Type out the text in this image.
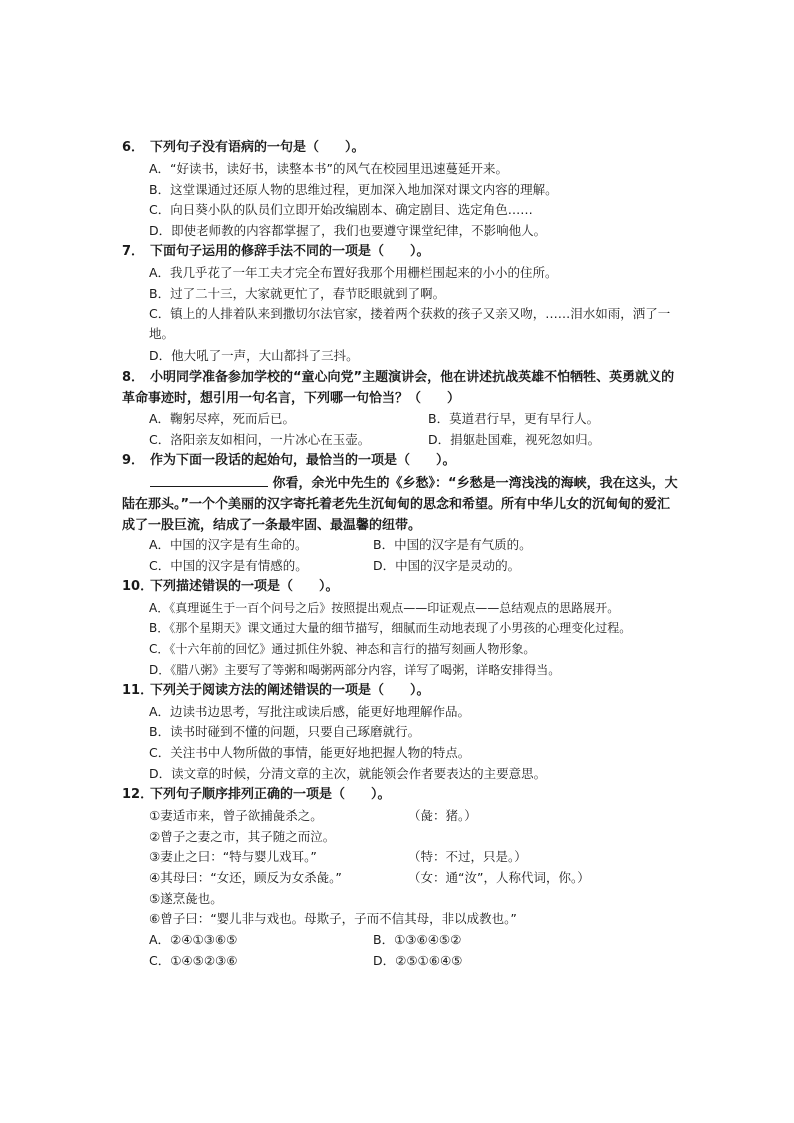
6． 下列句子没有语病的一句是（　　）。
A．“好读书，读好书，读整本书”的风气在校园里迅速蔓延开来。
B．这堂课通过还原人物的思维过程，更加深入地加深对课文内容的理解。
C．向日葵小队的队员们立即开始改编剧本、确定剧目、选定角色……
D．即使老师教的内容都掌握了，我们也要遵守课堂纪律，不影响他人。
7． 下面句子运用的修辞手法不同的一项是（　　）。
A．我几乎花了一年工夫才完全布置好我那个用栅栏围起来的小小的住所。
B．过了二十三，大家就更忙了，春节眨眼就到了啊。
C．镇上的人排着队来到撒切尔法官家，搂着两个获救的孩子又亲又吻，……泪水如雨，洒了一地。
D．他大吼了一声，大山都抖了三抖。
8． 小明同学准备参加学校的“童心向党”主题演讲会，他在讲述抗战英雄不怕牺牲、英勇就义的革命事迹时，想引用一句名言，下列哪一句恰当？（　　）
A．鞠躬尽瘁，死而后已。	B．莫道君行早，更有早行人。
C．洛阳亲友如相问，一片冰心在玉壶。	D．捐躯赴国难，视死忽如归。
9． 作为下面一段话的起始句，最恰当的一项是（　　）。
你看，余光中先生的《乡愁》：“乡愁是一湾浅浅的海峡，我在这头，大陆在那头。”一个个美丽的汉字寄托着老先生沉甸甸的思念和希望。所有中华儿女的沉甸甸的爱汇成了一股巨流，结成了一条最牢固、最温馨的纽带。
A．中国的汉字是有生命的。	B．中国的汉字是有气质的。
C．中国的汉字是有情感的。	D．中国的汉字是灵动的。
10．下列描述错误的一项是（　　）。
A．《真理诞生于一百个问号之后》按照提出观点——印证观点——总结观点的思路展开。
B．《那个星期天》课文通过大量的细节描写，细腻而生动地表现了小男孩的心理变化过程。
C．《十六年前的回忆》通过抓住外貌、神态和言行的描写刻画人物形象。
D．《腊八粥》主要写了等粥和喝粥两部分内容，详写了喝粥，详略安排得当。
11．下列关于阅读方法的阐述错误的一项是（　　）。
A．边读书边思考，写批注或读后感，能更好地理解作品。
B．读书时碰到不懂的问题，只要自己琢磨就行。
C．关注书中人物所做的事情，能更好地把握人物的特点。
D．读文章的时候，分清文章的主次，就能领会作者要表达的主要意思。
12．下列句子顺序排列正确的一项是（　　）。
①妻适市来，曾子欲捕彘杀之。	（彘：猪。）
②曾子之妻之市，其子随之而泣。
③妻止之曰：“特与婴儿戏耳。”	（特：不过，只是。）
④其母曰：“女还，顾反为女杀彘。”	（女：通“汝”，人称代词，你。）
⑤遂烹彘也。
⑥曾子曰：“婴儿非与戏也。母欺子，子而不信其母，非以成教也。”
A．②④①③⑥⑤	B．①③⑥④⑤②
C．①④⑤②③⑥	D．②⑤①⑥④⑤
